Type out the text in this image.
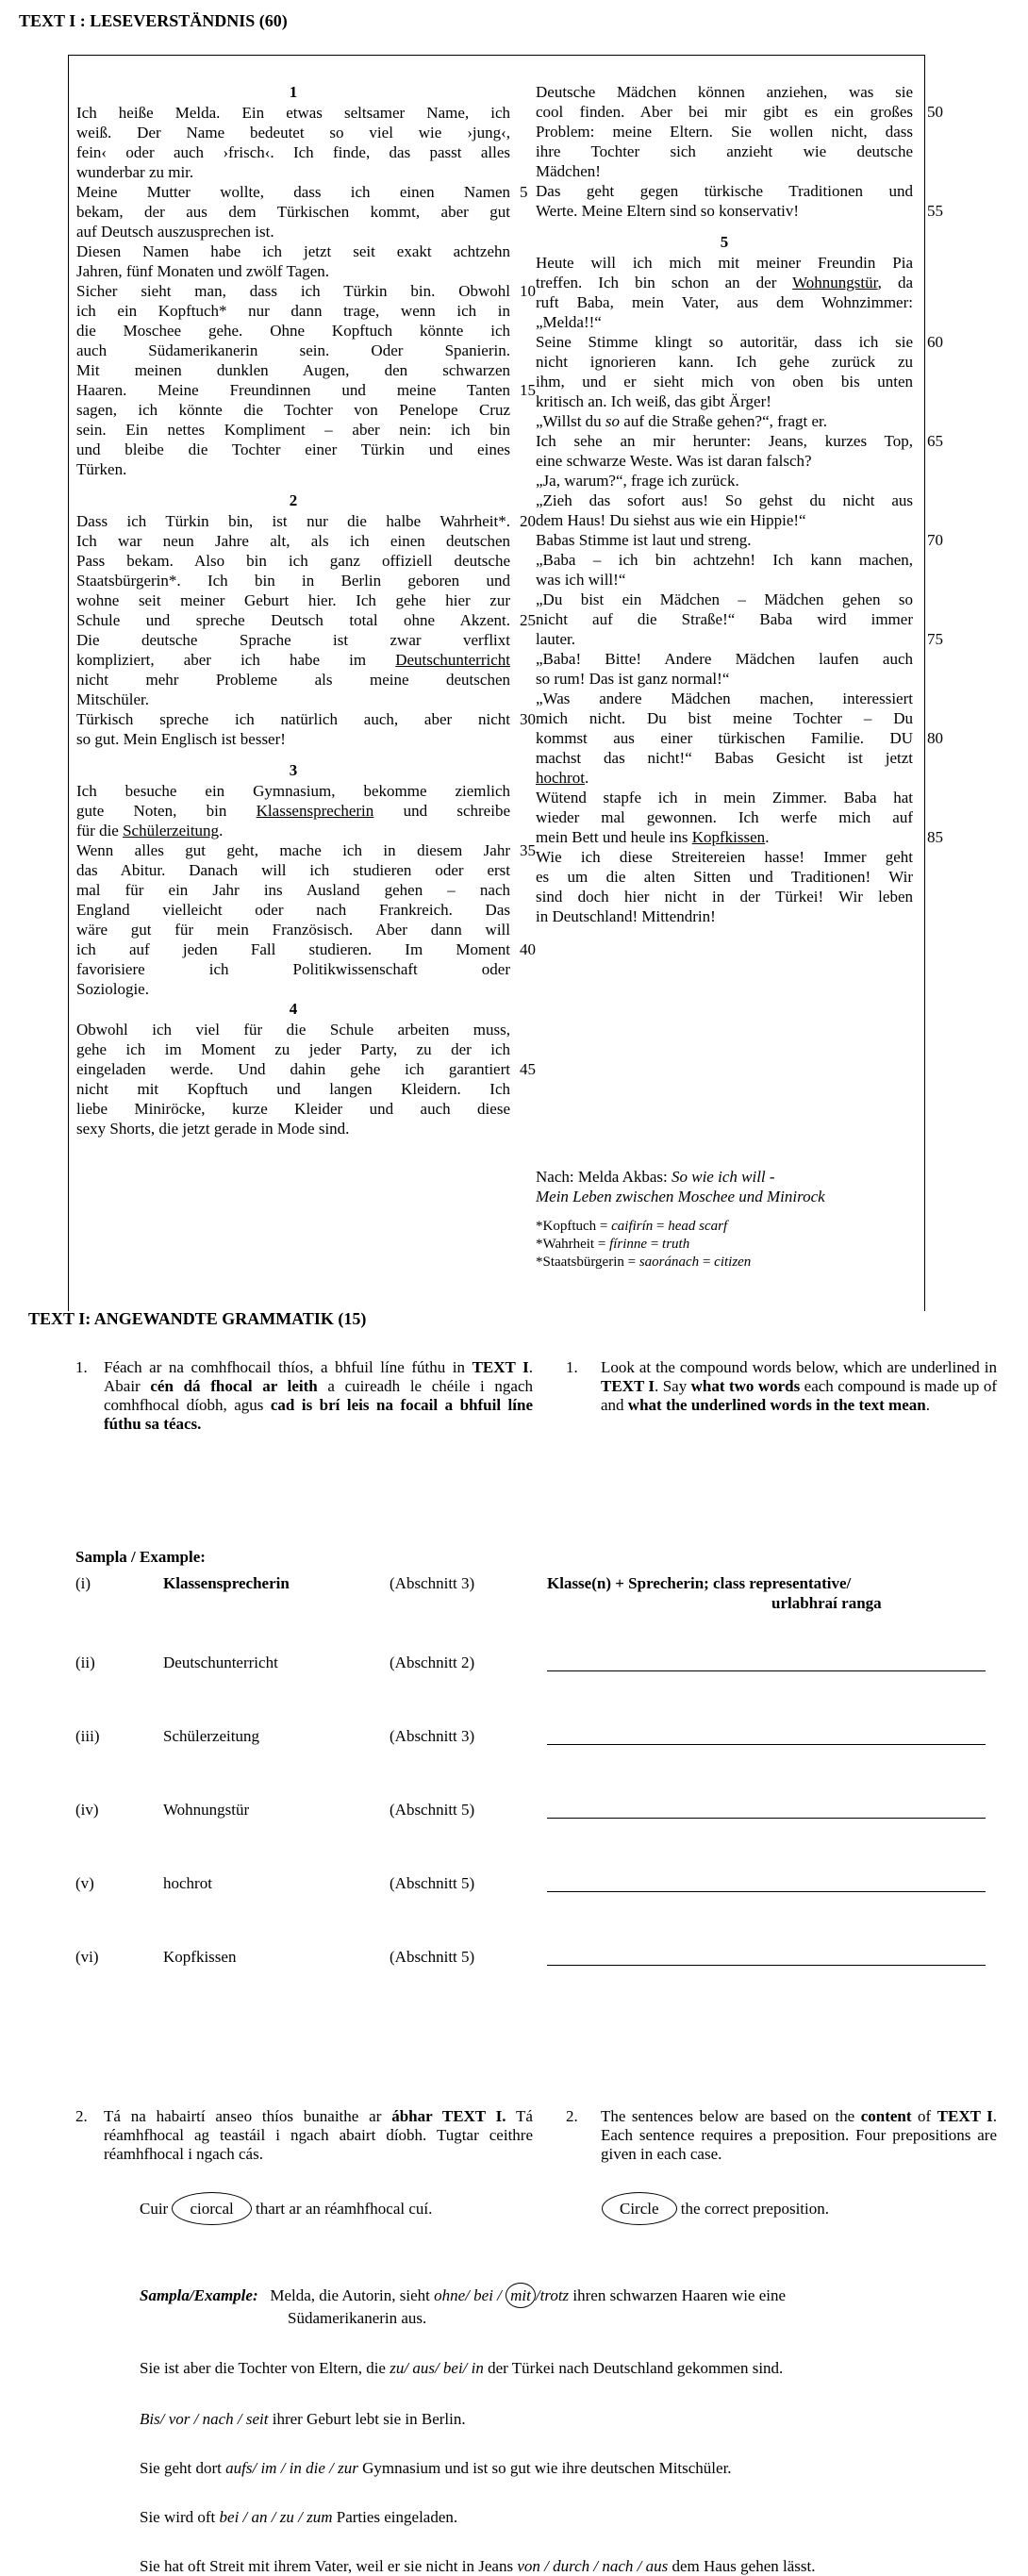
TEXT I : LESEVERSTÄNDNIS (60)
1
Ich heiße Melda. Ein etwas seltsamer Name, ich
weiß. Der Name bedeutet so viel wie ›jung‹,
fein‹ oder auch ›frisch‹. Ich finde, das passt alles
wunderbar zu mir.
Meine Mutter wollte, dass ich einen Namen 5
bekam, der aus dem Türkischen kommt, aber gut
auf Deutsch auszusprechen ist.
Diesen Namen habe ich jetzt seit exakt achtzehn
Jahren, fünf Monaten und zwölf Tagen.
Sicher sieht man, dass ich Türkin bin. Obwohl 10
ich ein Kopftuch* nur dann trage, wenn ich in
die Moschee gehe. Ohne Kopftuch könnte ich
auch Südamerikanerin sein. Oder Spanierin.
Mit meinen dunklen Augen, den schwarzen
Haaren. Meine Freundinnen und meine Tanten 15
sagen, ich könnte die Tochter von Penelope Cruz
sein. Ein nettes Kompliment – aber nein: ich bin
und bleibe die Tochter einer Türkin und eines
Türken.
2
Dass ich Türkin bin, ist nur die halbe Wahrheit*. 20
Ich war neun Jahre alt, als ich einen deutschen
Pass bekam. Also bin ich ganz offiziell deutsche
Staatsbürgerin*. Ich bin in Berlin geboren und
wohne seit meiner Geburt hier. Ich gehe hier zur
Schule und spreche Deutsch total ohne Akzent. 25
Die deutsche Sprache ist zwar verflixt
kompliziert, aber ich habe im Deutschunterricht
nicht mehr Probleme als meine deutschen
Mitschüler.
Türkisch spreche ich natürlich auch, aber nicht 30
so gut. Mein Englisch ist besser!
3
Ich besuche ein Gymnasium, bekomme ziemlich
gute Noten, bin Klassensprecherin und schreibe
für die Schülerzeitung.
Wenn alles gut geht, mache ich in diesem Jahr 35
das Abitur. Danach will ich studieren oder erst
mal für ein Jahr ins Ausland gehen – nach
England vielleicht oder nach Frankreich. Das
wäre gut für mein Französisch. Aber dann will
ich auf jeden Fall studieren. Im Moment 40
favorisiere ich Politikwissenschaft oder
Soziologie.
4
Obwohl ich viel für die Schule arbeiten muss,
gehe ich im Moment zu jeder Party, zu der ich
eingeladen werde. Und dahin gehe ich garantiert 45
nicht mit Kopftuch und langen Kleidern. Ich
liebe Miniröcke, kurze Kleider und auch diese
sexy Shorts, die jetzt gerade in Mode sind.
Deutsche Mädchen können anziehen, was sie
cool finden. Aber bei mir gibt es ein großes 50
Problem: meine Eltern. Sie wollen nicht, dass
ihre Tochter sich anzieht wie deutsche
Mädchen!
Das geht gegen türkische Traditionen und
Werte. Meine Eltern sind so konservativ!	55
5
Heute will ich mich mit meiner Freundin Pia
treffen. Ich bin schon an der Wohnungstür, da
ruft Baba, mein Vater, aus dem Wohnzimmer:
„Melda!!“
Seine Stimme klingt so autoritär, dass ich sie 60
nicht ignorieren kann. Ich gehe zurück zu
ihm, und er sieht mich von oben bis unten
kritisch an. Ich weiß, das gibt Ärger!
„Willst du so auf die Straße gehen?“, fragt er.
Ich sehe an mir herunter: Jeans, kurzes Top, 65
eine schwarze Weste. Was ist daran falsch?
„Ja, warum?“, frage ich zurück.
„Zieh das sofort aus! So gehst du nicht aus
dem Haus! Du siehst aus wie ein Hippie!“
Babas Stimme ist laut und streng.	70
„Baba – ich bin achtzehn! Ich kann machen,
was ich will!“
„Du bist ein Mädchen – Mädchen gehen so
nicht auf die Straße!“ Baba wird immer
lauter.	75
„Baba! Bitte! Andere Mädchen laufen auch
so rum! Das ist ganz normal!“
„Was andere Mädchen machen, interessiert
mich nicht. Du bist meine Tochter – Du
kommst aus einer türkischen Familie. DU 80
machst das nicht!“ Babas Gesicht ist jetzt
hochrot.
Wütend stapfe ich in mein Zimmer. Baba hat
wieder mal gewonnen. Ich werfe mich auf
mein Bett und heule ins Kopfkissen.	85
Wie ich diese Streitereien hasse! Immer geht
es um die alten Sitten und Traditionen! Wir
sind doch hier nicht in der Türkei! Wir leben
in Deutschland! Mittendrin!
Nach: Melda Akbas: So wie ich will -
Mein Leben zwischen Moschee und Minirock
*Kopftuch = caifirín = head scarf
*Wahrheit = fírinne = truth
*Staatsbürgerin = saoránach = citizen
TEXT I: ANGEWANDTE GRAMMATIK (15)
1. Féach ar na comhfhocail thíos, a bhfuil líne fúthu in TEXT I. Abair cén dá fhocal ar leith a cuireadh le chéile i ngach comhfhocal díobh, agus cad is brí leis na focail a bhfuil líne fúthu sa téacs.
1. Look at the compound words below, which are underlined in TEXT I. Say what two words each compound is made up of and what the underlined words in the text mean.
Sampla / Example:
(i)	Klassensprecherin	(Abschnitt 3)	Klasse(n) + Sprecherin; class representative/
urlabhraí ranga
(ii)	Deutschunterricht	(Abschnitt 2)
(iii)	Schülerzeitung	(Abschnitt 3)
(iv)	Wohnungstür	(Abschnitt 5)
(v)	hochrot	(Abschnitt 5)
(vi)	Kopfkissen	(Abschnitt 5)
2. Tá na habairtí anseo thíos bunaithe ar ábhar TEXT I. Tá réamhfhocal ag teastáil i ngach abairt díobh. Tugtar ceithre réamhfhocal i ngach cás.
2. The sentences below are based on the content of TEXT I. Each sentence requires a preposition. Four prepositions are given in each case.
Cuir ciorcal thart ar an réamhfhocal cuí.	Circle the correct preposition.
Sampla/Example: Melda, die Autorin, sieht ohne/ bei / mit /trotz ihren schwarzen Haaren wie eine
Südamerikanerin aus.
Sie ist aber die Tochter von Eltern, die zu/ aus/ bei/ in der Türkei nach Deutschland gekommen sind.
Bis/ vor / nach / seit ihrer Geburt lebt sie in Berlin.
Sie geht dort aufs/ im / in die / zur Gymnasium und ist so gut wie ihre deutschen Mitschüler.
Sie wird oft bei / an / zu / zum Parties eingeladen.
Sie hat oft Streit mit ihrem Vater, weil er sie nicht in Jeans von / durch / nach / aus dem Haus gehen lässt.
